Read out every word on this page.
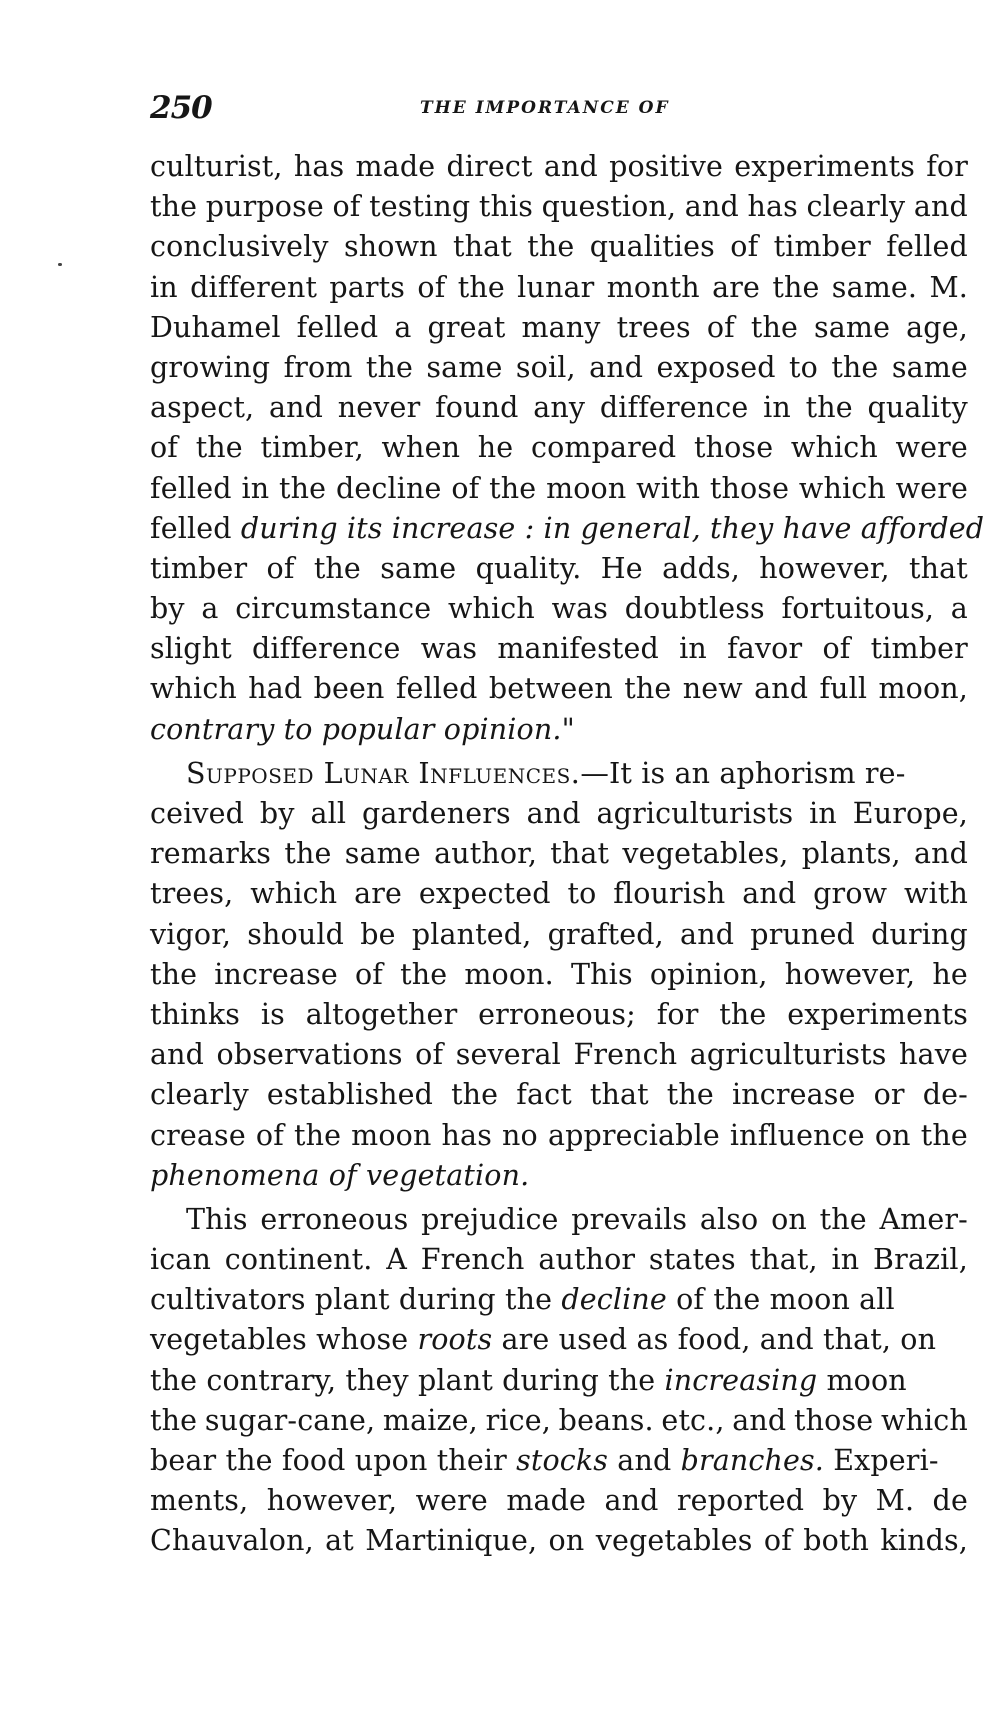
250	THE IMPORTANCE OF
culturist, has made direct and positive experiments for
the purpose of testing this question, and has clearly and
conclusively shown that the qualities of timber felled
in different parts of the lunar month are the same. M.
Duhamel felled a great many trees of the same age,
growing from the same soil, and exposed to the same
aspect, and never found any difference in the quality
of the timber, when he compared those which were
felled in the decline of the moon with those which were
felled during its increase : in general, they have afforded
timber of the same quality. He adds, however, that
by a circumstance which was doubtless fortuitous, a
slight difference was manifested in favor of timber
which had been felled between the new and full moon,
contrary to popular opinion. "
Supposed Lunar Influences.—It is an aphorism re-
ceived by all gardeners and agriculturists in Europe,
remarks the same author, that vegetables, plants, and
trees, which are expected to flourish and grow with
vigor, should be planted, grafted, and pruned during
the increase of the moon. This opinion, however, he
thinks is altogether erroneous; for the experiments
and observations of several French agriculturists have
clearly established the fact that the increase or de-
crease of the moon has no appreciable influence on the
phenomena of vegetation.
This erroneous prejudice prevails also on the Amer-
ican continent. A French author states that, in Brazil,
cultivators plant during the decline of the moon all
vegetables whose roots are used as food, and that, on
the contrary, they plant during the increasing moon
the sugar-cane, maize, rice, beans. etc., and those which
bear the food upon their stocks and branches. Experi-
ments, however, were made and reported by M. de
Chauvalon, at Martinique, on vegetables of both kinds,
